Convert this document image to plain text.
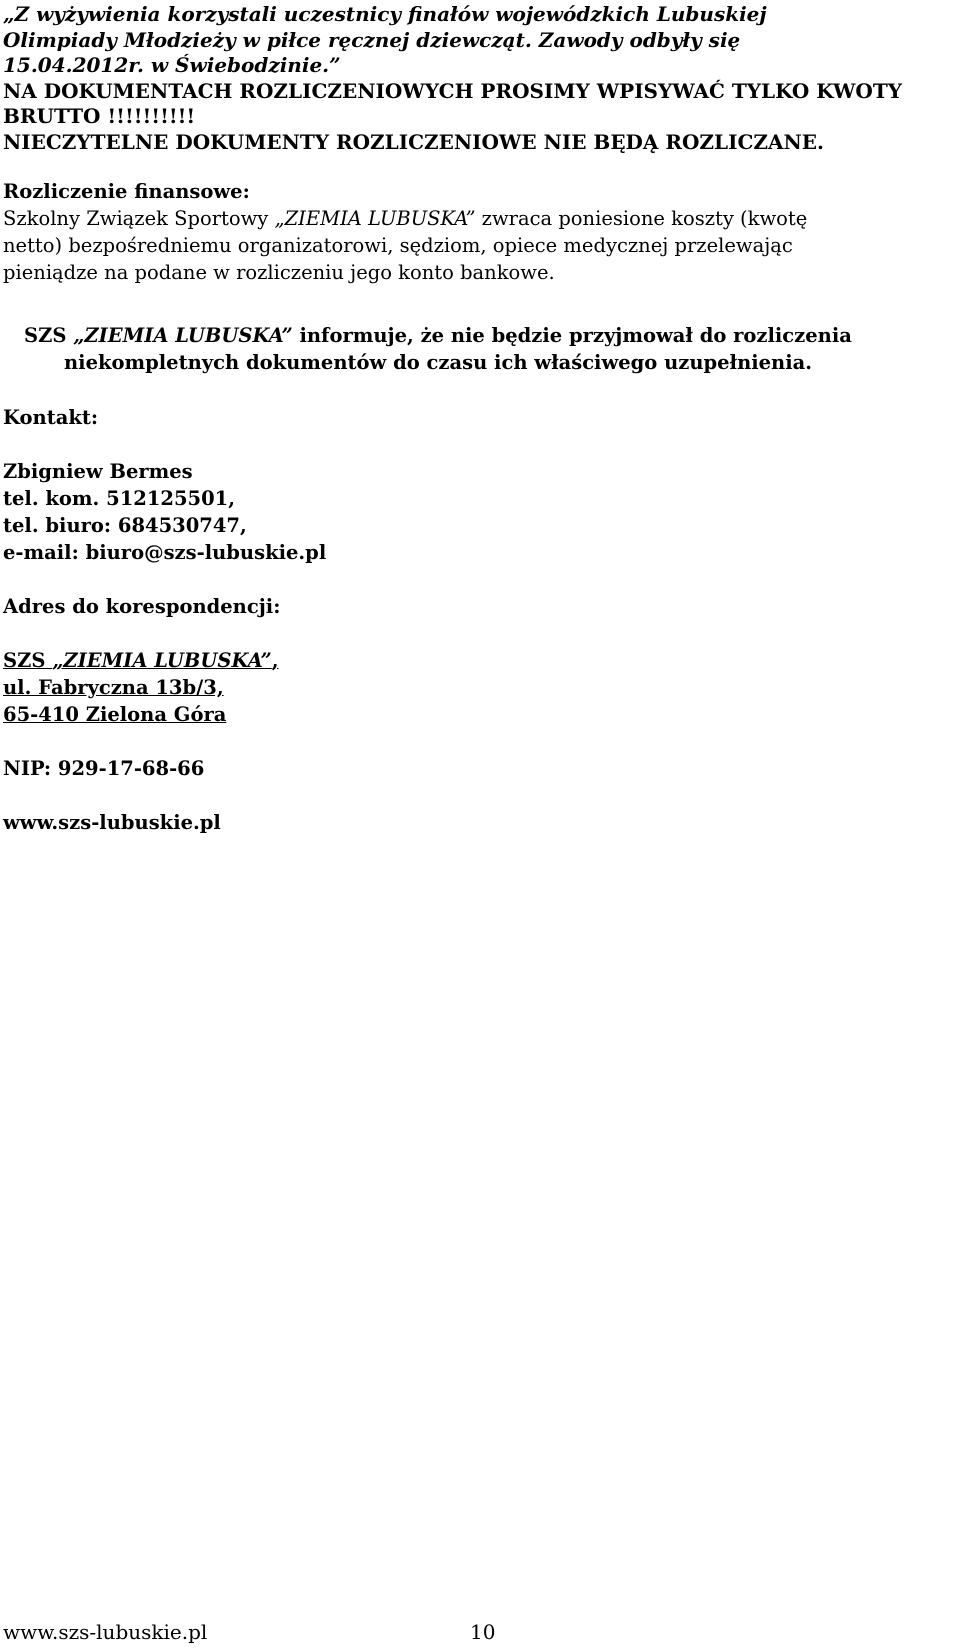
„Z wyżywienia korzystali uczestnicy finałów wojewódzkich Lubuskiej
Olimpiady Młodzieży w piłce ręcznej dziewcząt. Zawody odbyły się
15.04.2012r. w Świebodzinie.”
NA DOKUMENTACH ROZLICZENIOWYCH PROSIMY WPISYWAĆ TYLKO KWOTY
BRUTTO !!!!!!!!!!
NIECZYTELNE DOKUMENTY ROZLICZENIOWE NIE BĘDĄ ROZLICZANE.
Rozliczenie finansowe:
Szkolny Związek Sportowy „ZIEMIA LUBUSKA” zwraca poniesione koszty (kwotę
netto) bezpośredniemu organizatorowi, sędziom, opiece medycznej przelewając
pieniądze na podane w rozliczeniu jego konto bankowe.
SZS „ZIEMIA LUBUSKA” informuje, że nie będzie przyjmował do rozliczenia
niekompletnych dokumentów do czasu ich właściwego uzupełnienia.
Kontakt:
Zbigniew Bermes
tel. kom. 512125501,
tel. biuro: 684530747,
e-mail: biuro@szs-lubuskie.pl
Adres do korespondencji:
SZS „ZIEMIA LUBUSKA”,
ul. Fabryczna 13b/3,
65-410 Zielona Góra
NIP: 929-17-68-66
www.szs-lubuskie.pl
www.szs-lubuskie.pl	10
